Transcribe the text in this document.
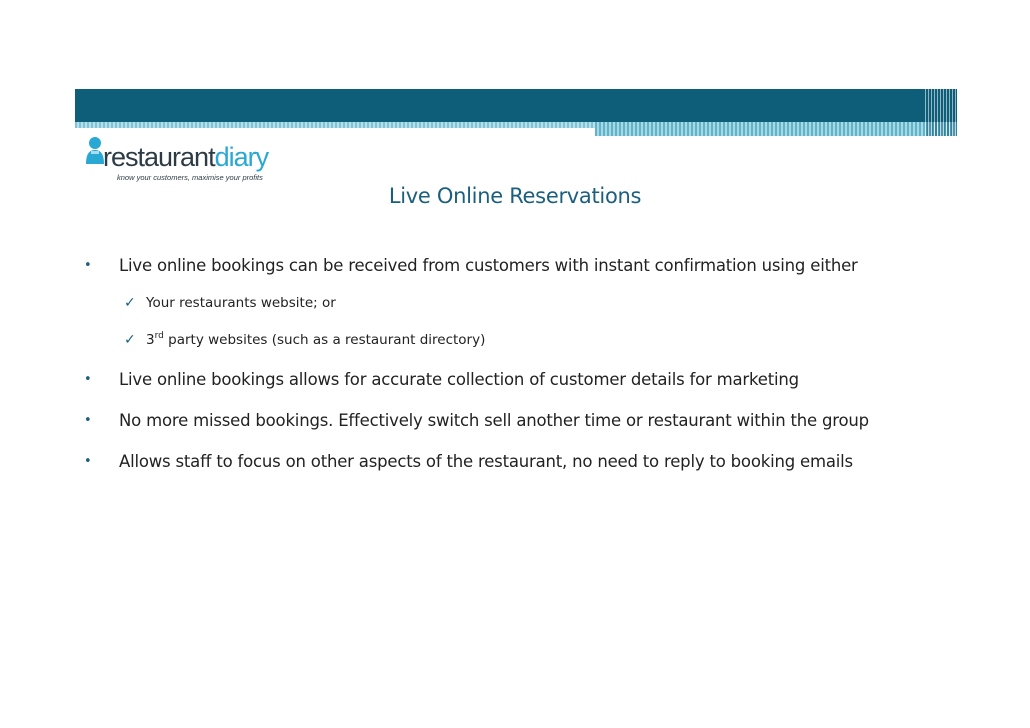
restaurantdiary
know your customers, maximise your profits
Live Online Reservations
• Live online bookings can be received from customers with instant confirmation using either
✓ Your restaurants website; or
✓ 3rd party websites (such as a restaurant directory)
• Live online bookings allows for accurate collection of customer details for marketing
• No more missed bookings. Effectively switch sell another time or restaurant within the group
• Allows staff to focus on other aspects of the restaurant, no need to reply to booking emails
